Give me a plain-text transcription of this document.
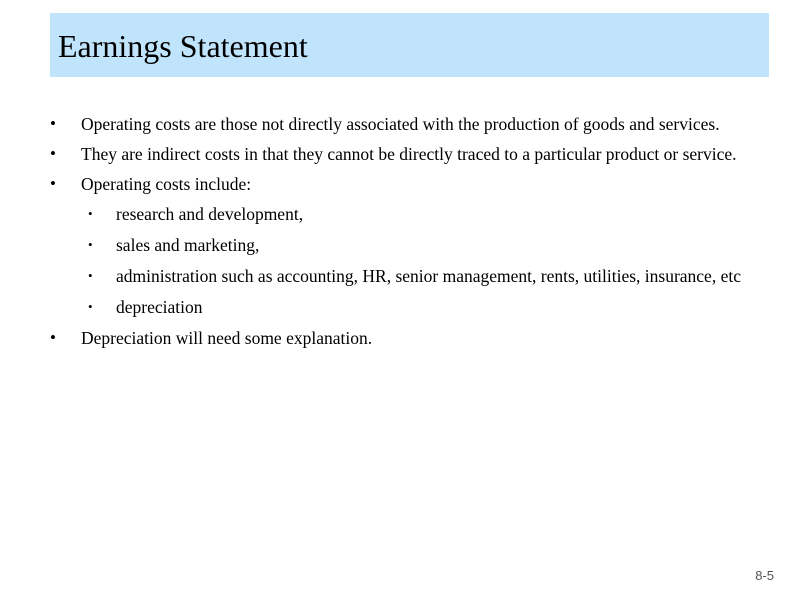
Earnings Statement
• Operating costs are those not directly associated with the production of goods and services.
• They are indirect costs in that they cannot be directly traced to a particular product or service.
• Operating costs include:
• research and development,
• sales and marketing,
• administration such as accounting, HR, senior management, rents, utilities, insurance, etc
• depreciation
• Depreciation will need some explanation.
8-5
